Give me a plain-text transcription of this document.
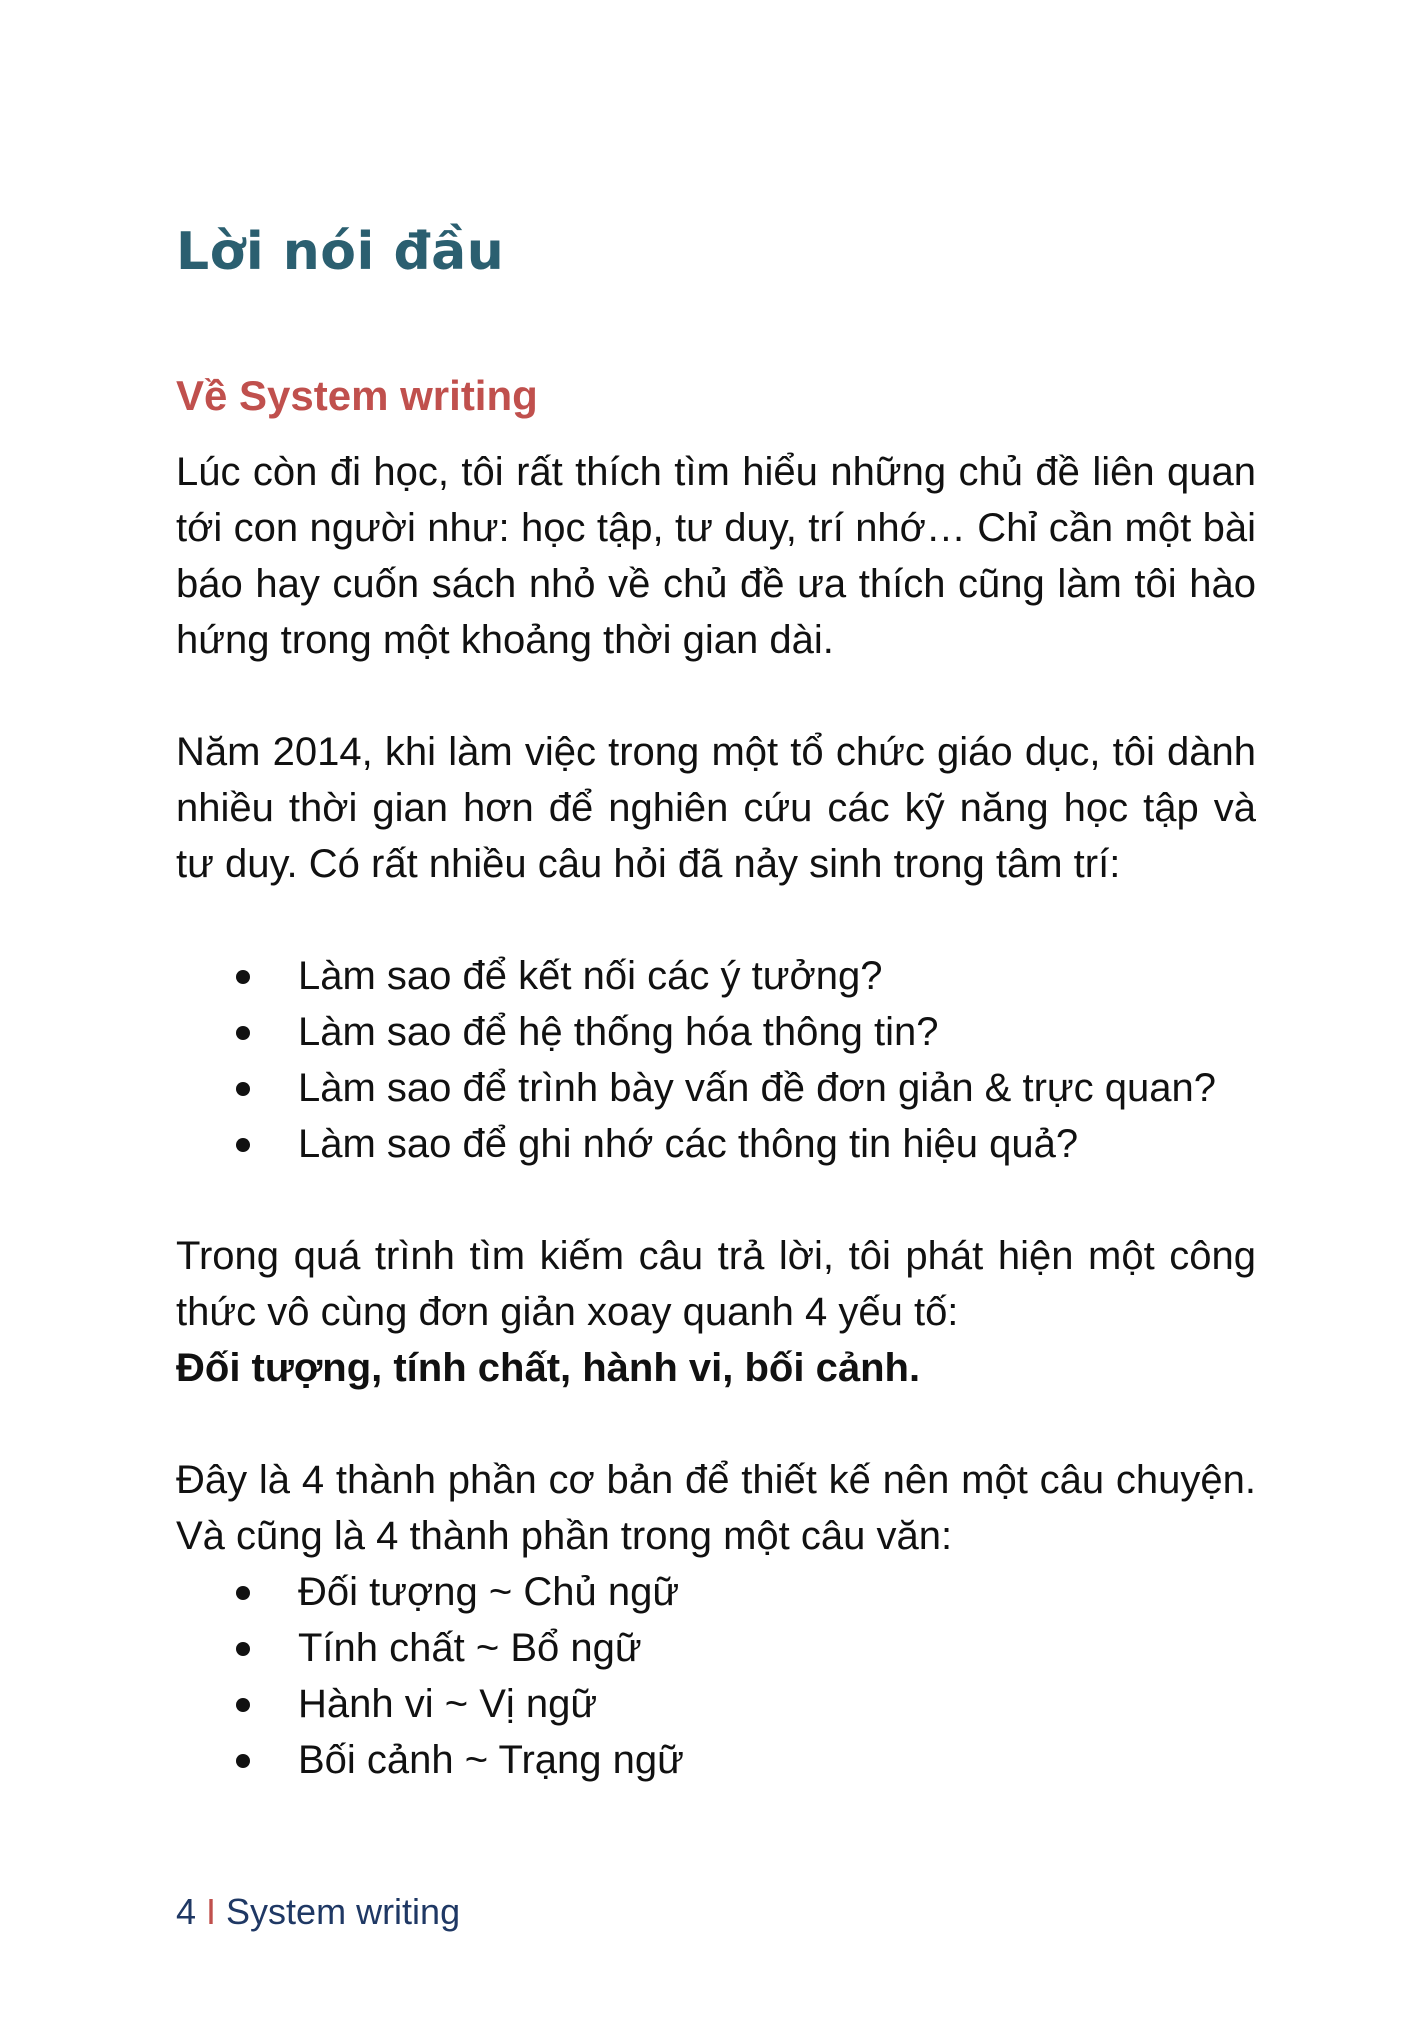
Lời nói đầu
Về System writing

Lúc còn đi học, tôi rất thích tìm hiểu những chủ đề liên quan tới con người như: học tập, tư duy, trí nhớ… Chỉ cần một bài báo hay cuốn sách nhỏ về chủ đề ưa thích cũng làm tôi hào hứng trong một khoảng thời gian dài.

Năm 2014, khi làm việc trong một tổ chức giáo dục, tôi dành nhiều thời gian hơn để nghiên cứu các kỹ năng học tập và tư duy. Có rất nhiều câu hỏi đã nảy sinh trong tâm trí:

Làm sao để kết nối các ý tưởng?
Làm sao để hệ thống hóa thông tin?
Làm sao để trình bày vấn đề đơn giản & trực quan?
Làm sao để ghi nhớ các thông tin hiệu quả?

Trong quá trình tìm kiếm câu trả lời, tôi phát hiện một công thức vô cùng đơn giản xoay quanh 4 yếu tố:
Đối tượng, tính chất, hành vi, bối cảnh.

Đây là 4 thành phần cơ bản để thiết kế nên một câu chuyện. Và cũng là 4 thành phần trong một câu văn:

Đối tượng ~ Chủ ngữ
Tính chất ~ Bổ ngữ
Hành vi ~ Vị ngữ
Bối cảnh ~ Trạng ngữ
4 I System writing
